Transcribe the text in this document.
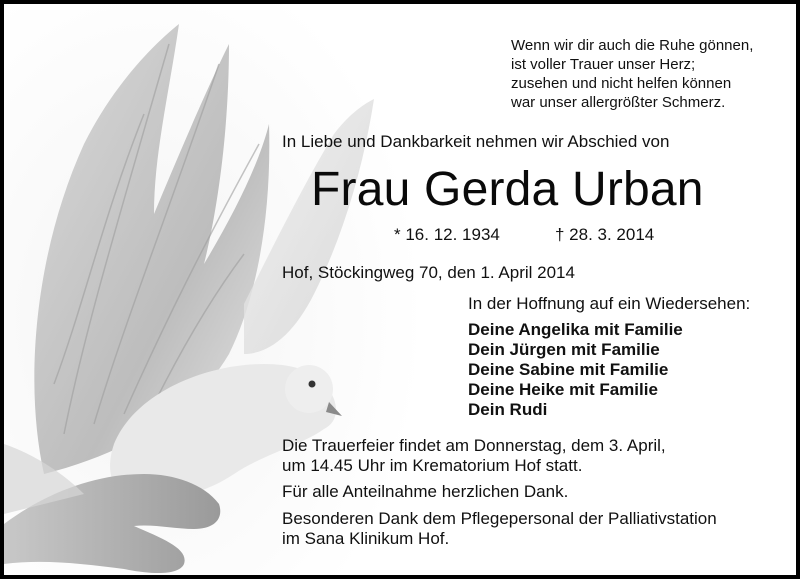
Wenn wir dir auch die Ruhe gönnen,
ist voller Trauer unser Herz;
zusehen und nicht helfen können
war unser allergrößter Schmerz.
In Liebe und Dankbarkeit nehmen wir Abschied von
Frau Gerda Urban
* 16. 12. 1934	† 28. 3. 2014
Hof, Stöckingweg 70, den 1. April 2014
In der Hoffnung auf ein Wiedersehen:
Deine Angelika mit Familie
Dein Jürgen mit Familie
Deine Sabine mit Familie
Deine Heike mit Familie
Dein Rudi
Die Trauerfeier findet am Donnerstag, dem 3. April,
um 14.45 Uhr im Krematorium Hof statt.
Für alle Anteilnahme herzlichen Dank.
Besonderen Dank dem Pflegepersonal der Palliativstation
im Sana Klinikum Hof.
